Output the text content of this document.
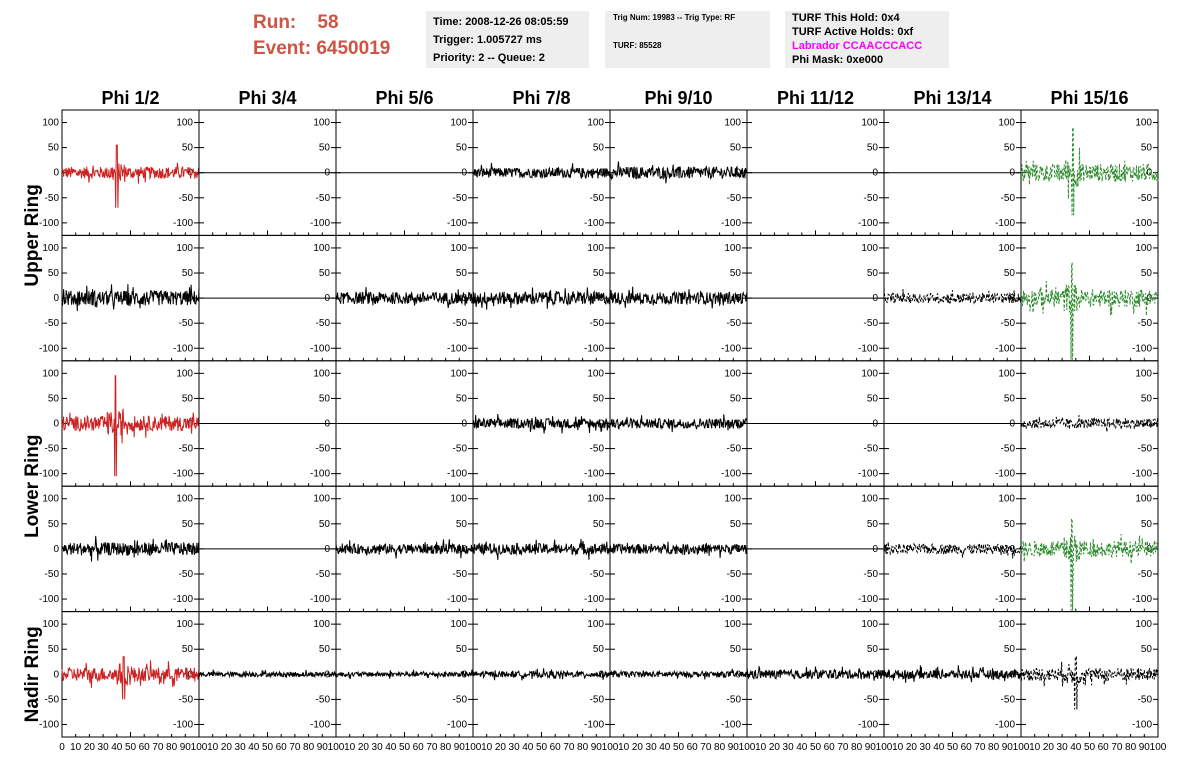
Run: 58
Event: 6450019
Time: 2008-12-26 08:05:59
Trigger: 1.005727 ms
Priority: 2 -- Queue: 2
Trig Num: 19983 -- Trig Type: RF
TURF: 85528
TURF This Hold: 0x4
TURF Active Holds: 0xf
Labrador CCAACCCACC
Phi Mask: 0xe000
Phi 1/2	Phi 3/4	Phi 5/6	Phi 7/8	Phi 9/10	Phi 11/12	Phi 13/14	Phi 15/16
Upper Ring
Lower Ring
Nadir Ring
-100	-100
-50	-50
0	0
50	50
100	100
-100
-50
0
50
100
-100
-50
0
50
100
-100
-50
0
50
100
-100
-50
0
50
100
-100
-50
0
50
100
-100
-50
0
50
100
-100
-50
0
50
100
-100	-100
-50	-50
0	0
50	50
100	100
-100
-50
0
50
100
-100
-50
0
50
100
-100
-50
0
50
100
-100
-50
0
50
100
-100
-50
0
50
100
-100
-50
0
50
100
-100
-50
0
50
100
-100	-100
-50	-50
0	0
50	50
100	100
-100
-50
0
50
100
-100
-50
0
50
100
-100
-50
0
50
100
-100
-50
0
50
100
-100
-50
0
50
100
-100
-50
0
50
100
-100
-50
0
50
100
-100	-100
-50	-50
0	0
50	50
100	100
-100
-50
0
50
100
-100
-50
0
50
100
-100
-50
0
50
100
-100
-50
0
50
100
-100
-50
0
50
100
-100
-50
0
50
100
-100
-50
0
50
100
-100	-100
-50	-50
0	0
50	50
100	100
-100
-50
0
50
100
-100
-50
0
50
100
-100
-50
0
50
100
-100
-50
0
50
100
-100
-50
0
50
100
-100
-50
0
50
100
-100
-50
0
50
100
0 10 20 30 40 50 60 70 80 90 100 10 20 30 40 50 60 70 80 90 100 10 20 30 40 50 60 70 80 90 100 10 20 30 40 50 60 70 80 90 100 10 20 30 40 50 60 70 80 90 100 10 20 30 40 50 60 70 80 90 100 10 20 30 40 50 60 70 80 90 100 10 20 30 40 50 60 70 80 90 100
